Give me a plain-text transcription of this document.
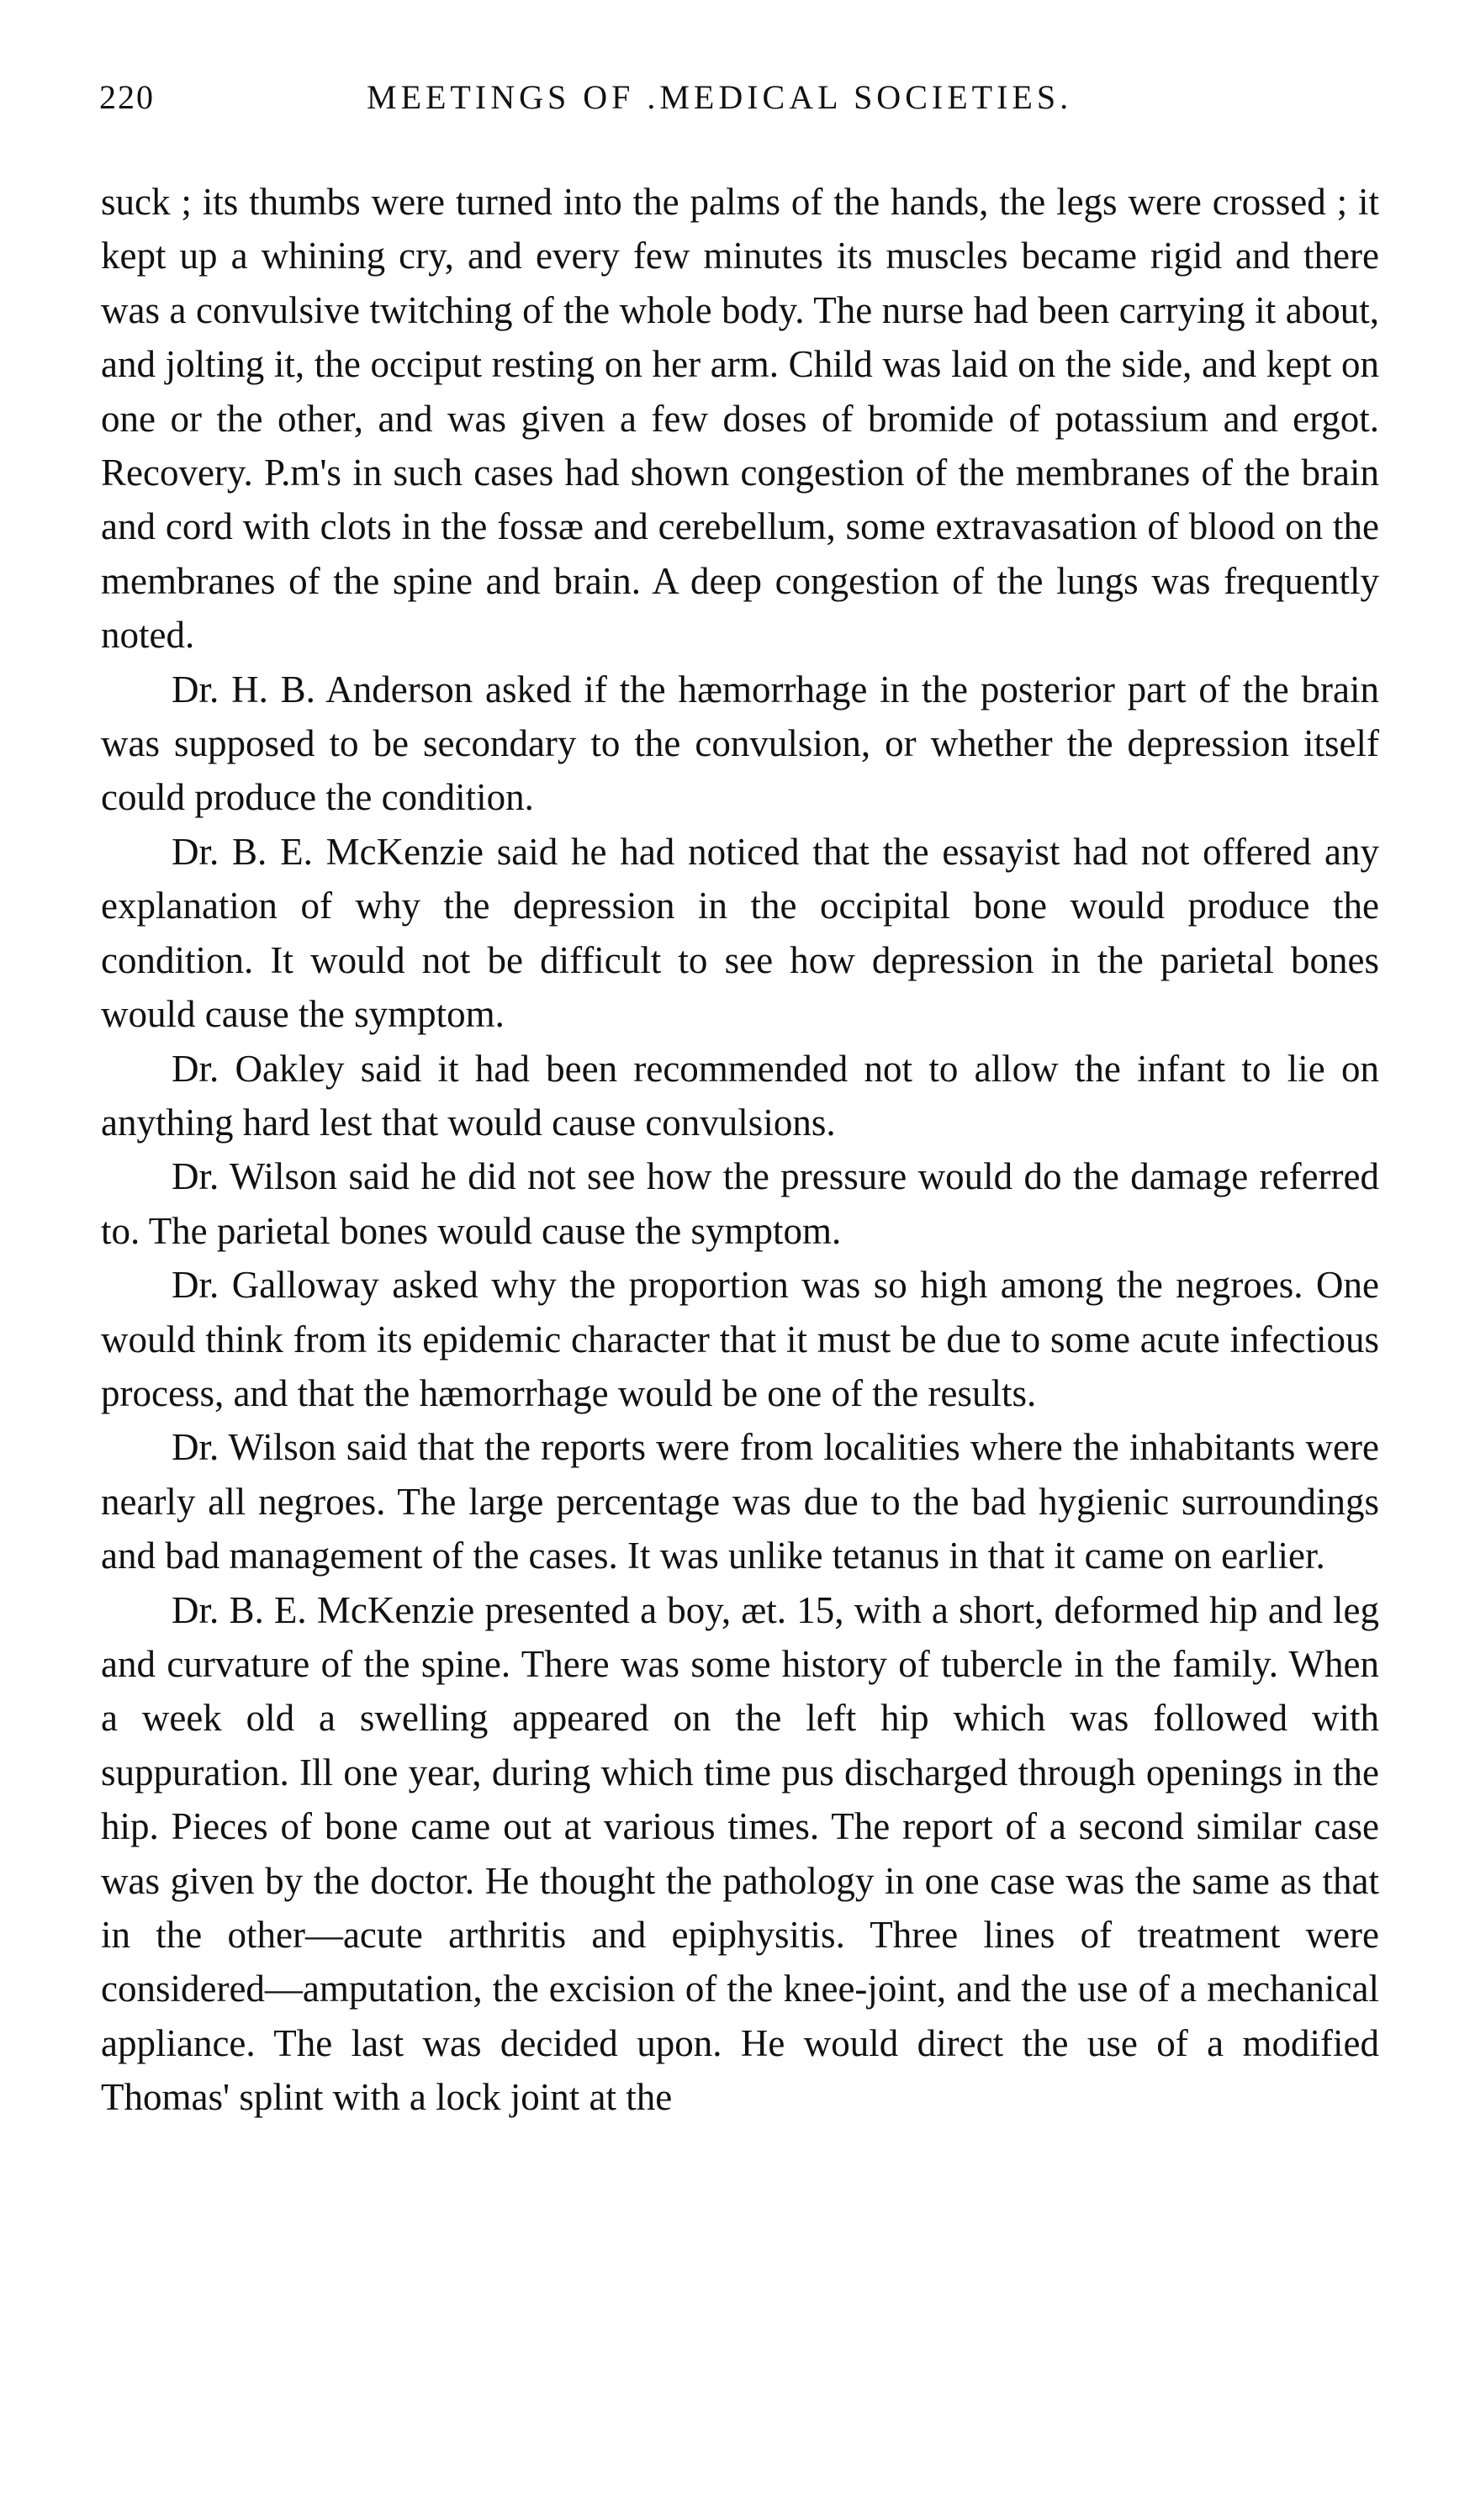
220	MEETINGS OF .MEDICAL SOCIETIES.

suck ; its thumbs were turned into the palms of the hands, the legs were crossed ; it kept up a whining cry, and every few minutes its muscles became rigid and there was a convulsive twitching of the whole body. The nurse had been carrying it about, and jolting it, the occiput resting on her arm. Child was laid on the side, and kept on one or the other, and was given a few doses of bromide of potassium and ergot. Recovery. P.m's in such cases had shown congestion of the membranes of the brain and cord with clots in the fossæ and cerebellum, some extravasation of blood on the membranes of the spine and brain. A deep congestion of the lungs was frequently noted.

Dr. H. B. Anderson asked if the hæmorrhage in the posterior part of the brain was supposed to be secondary to the convulsion, or whether the depression itself could produce the condition.

Dr. B. E. McKenzie said he had noticed that the essayist had not offered any explanation of why the depression in the occipital bone would produce the condition. It would not be difficult to see how depression in the parietal bones would cause the symptom.

Dr. Oakley said it had been recommended not to allow the infant to lie on anything hard lest that would cause convulsions.

Dr. Wilson said he did not see how the pressure would do the damage referred to. The parietal bones would cause the symptom.

Dr. Galloway asked why the proportion was so high among the negroes. One would think from its epidemic character that it must be due to some acute infectious process, and that the hæmorrhage would be one of the results.

Dr. Wilson said that the reports were from localities where the inhabitants were nearly all negroes. The large percentage was due to the bad hygienic surroundings and bad management of the cases. It was unlike tetanus in that it came on earlier.

Dr. B. E. McKenzie presented a boy, æt. 15, with a short, deformed hip and leg and curvature of the spine. There was some history of tubercle in the family. When a week old a swelling appeared on the left hip which was followed with suppuration. Ill one year, during which time pus discharged through openings in the hip. Pieces of bone came out at various times. The report of a second similar case was given by the doctor. He thought the pathology in one case was the same as that in the other—acute arthritis and epiphysitis. Three lines of treatment were considered—amputation, the excision of the knee-joint, and the use of a mechanical appliance. The last was decided upon. He would direct the use of a modified Thomas' splint with a lock joint at the
